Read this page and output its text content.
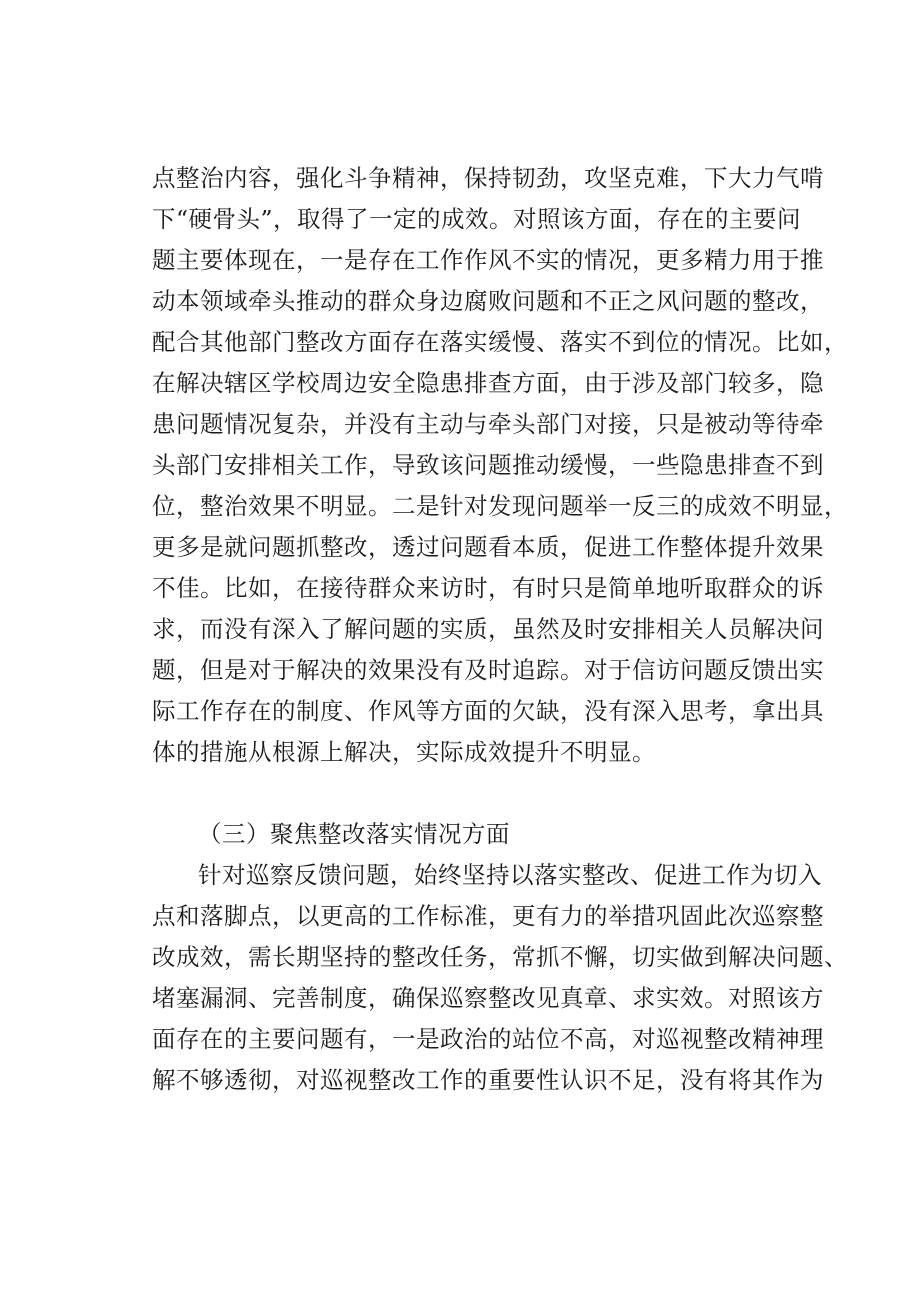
点整治内容，强化斗争精神，保持韧劲，攻坚克难，下大力气啃
下“硬骨头”，取得了一定的成效。对照该方面，存在的主要问
题主要体现在，一是存在工作作风不实的情况，更多精力用于推
动本领域牵头推动的群众身边腐败问题和不正之风问题的整改，
配合其他部门整改方面存在落实缓慢、落实不到位的情况。比如，
在解决辖区学校周边安全隐患排查方面，由于涉及部门较多，隐
患问题情况复杂，并没有主动与牵头部门对接，只是被动等待牵
头部门安排相关工作，导致该问题推动缓慢，一些隐患排查不到
位，整治效果不明显。二是针对发现问题举一反三的成效不明显，
更多是就问题抓整改，透过问题看本质，促进工作整体提升效果
不佳。比如，在接待群众来访时，有时只是简单地听取群众的诉
求，而没有深入了解问题的实质，虽然及时安排相关人员解决问
题，但是对于解决的效果没有及时追踪。对于信访问题反馈出实
际工作存在的制度、作风等方面的欠缺，没有深入思考，拿出具
体的措施从根源上解决，实际成效提升不明显。
（三）聚焦整改落实情况方面
针对巡察反馈问题，始终坚持以落实整改、促进工作为切入
点和落脚点，以更高的工作标准，更有力的举措巩固此次巡察整
改成效，需长期坚持的整改任务，常抓不懈，切实做到解决问题、
堵塞漏洞、完善制度，确保巡察整改见真章、求实效。对照该方
面存在的主要问题有，一是政治的站位不高，对巡视整改精神理
解不够透彻，对巡视整改工作的重要性认识不足，没有将其作为
